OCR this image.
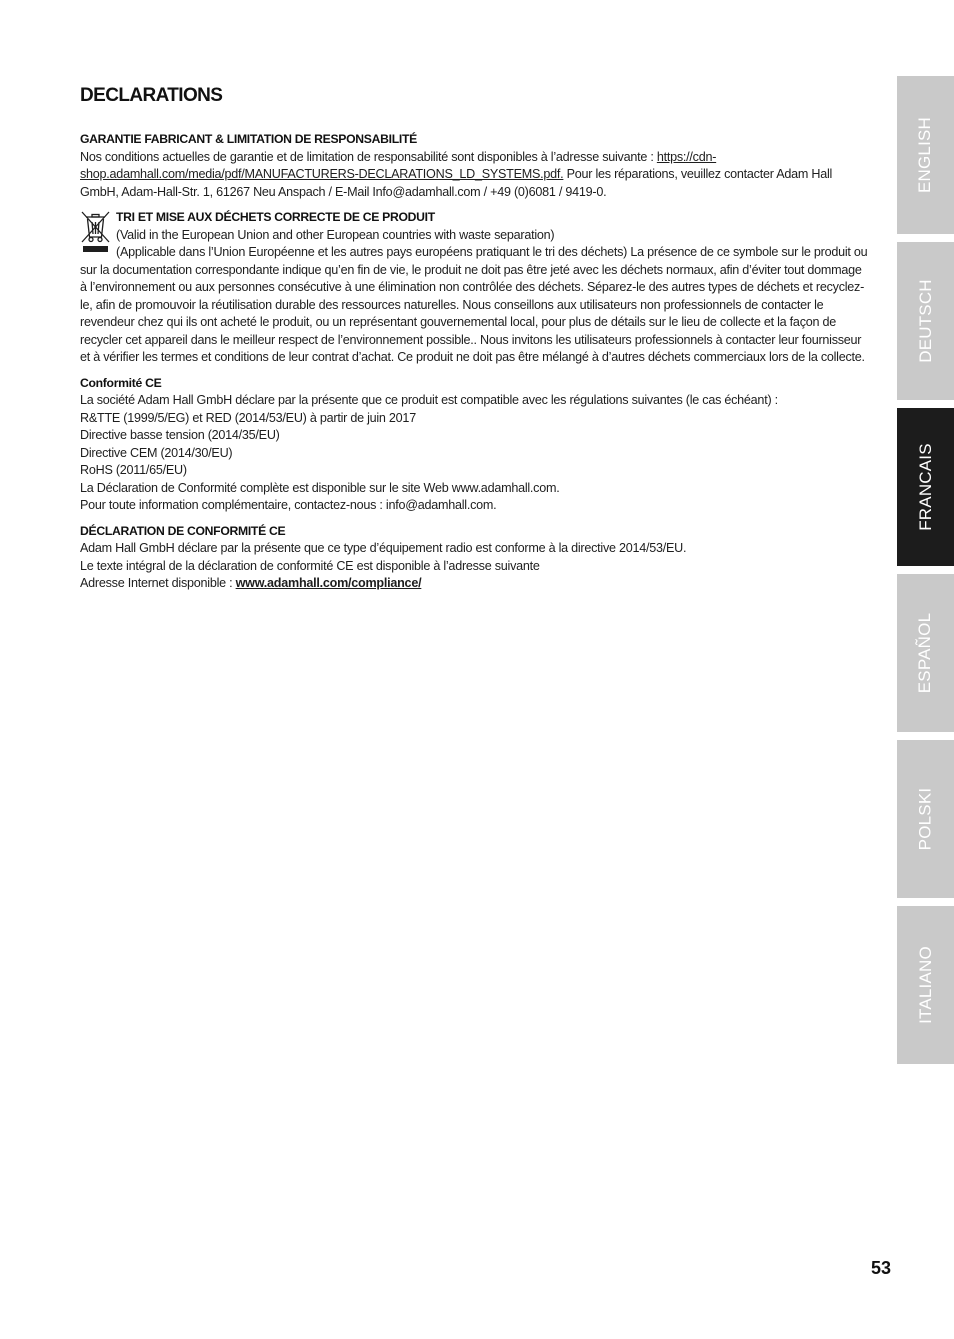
DECLARATIONS
GARANTIE FABRICANT & LIMITATION DE RESPONSABILITÉ

Nos conditions actuelles de garantie et de limitation de responsabilité sont disponibles à l’adresse suivante : https://cdn-shop.adamhall.com/media/pdf/MANUFACTURERS-DECLARATIONS_LD_SYSTEMS.pdf. Pour les réparations, veuillez contacter Adam Hall GmbH, Adam-Hall-Str. 1, 61267 Neu Anspach / E-Mail Info@adamhall.com / +49 (0)6081 / 9419-0.

TRI ET MISE AUX DÉCHETS CORRECTE DE CE PRODUIT
(Valid in the European Union and other European countries with waste separation)

(Applicable dans l’Union Européenne et les autres pays européens pratiquant le tri des déchets) La présence de ce symbole sur le produit ou sur la documentation correspondante indique qu’en fin de vie, le produit ne doit pas être jeté avec les déchets normaux, afin d’éviter tout dommage à l’environnement ou aux personnes consécutive à une élimination non contrôlée des déchets. Séparez-le des autres types de déchets et recyclez-le, afin de promouvoir la réutilisation durable des ressources naturelles. Nous conseillons aux utilisateurs non professionnels de contacter le revendeur chez qui ils ont acheté le produit, ou un représentant gouvernemental local, pour plus de détails sur le lieu de collecte et la façon de recycler cet appareil dans le meilleur respect de l’environnement possible.. Nous invitons les utilisateurs professionnels à contacter leur fournisseur et à vérifier les termes et conditions de leur contrat d’achat. Ce produit ne doit pas être mélangé à d’autres déchets commerciaux lors de la collecte.

Conformité CE
La société Adam Hall GmbH déclare par la présente que ce produit est compatible avec les régulations suivantes (le cas échéant) :
R&TTE (1999/5/EG) et RED (2014/53/EU) à partir de juin 2017
Directive basse tension (2014/35/EU)
Directive CEM (2014/30/EU)
RoHS (2011/65/EU)
La Déclaration de Conformité complète est disponible sur le site Web www.adamhall.com.
Pour toute information complémentaire, contactez-nous : info@adamhall.com.
DÉCLARATION DE CONFORMITÉ CE
Adam Hall GmbH déclare par la présente que ce type d’équipement radio est conforme à la directive 2014/53/EU.
Le texte intégral de la déclaration de conformité CE est disponible à l’adresse suivante
Adresse Internet disponible : www.adamhall.com/compliance/
ENGLISH
DEUTSCH
FRANCAIS
ESPAÑOL
POLSKI
ITALIANO
53
